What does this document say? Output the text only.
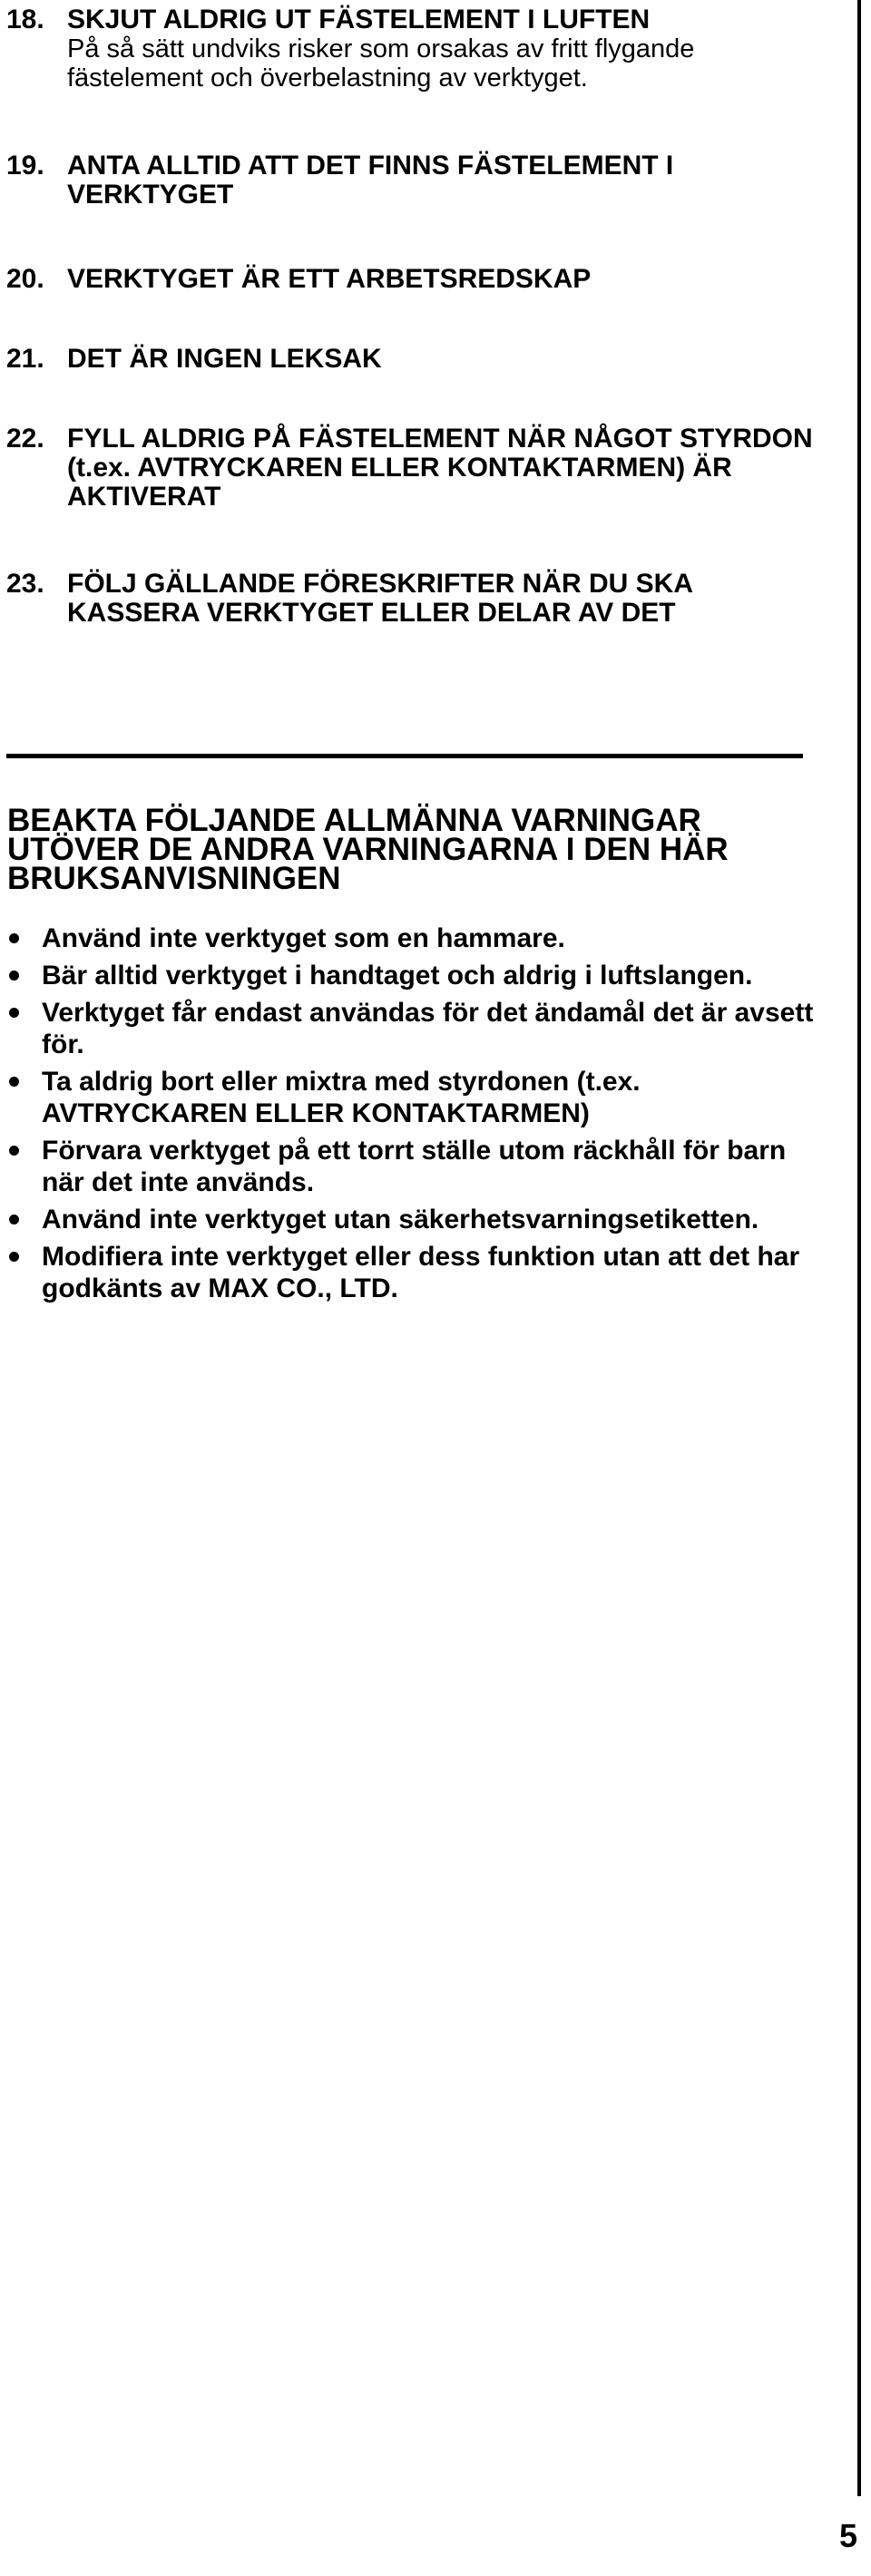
18. SKJUT ALDRIG UT FÄSTELEMENT I LUFTEN
På så sätt undviks risker som orsakas av fritt flygande fästelement och överbelastning av verktyget.
19. ANTA ALLTID ATT DET FINNS FÄSTELEMENT I VERKTYGET
20. VERKTYGET ÄR ETT ARBETSREDSKAP
21. DET ÄR INGEN LEKSAK
22. FYLL ALDRIG PÅ FÄSTELEMENT NÄR NÅGOT STYRDON (t.ex. AVTRYCKAREN ELLER KONTAKTARMEN) ÄR AKTIVERAT
23. FÖLJ GÄLLANDE FÖRESKRIFTER NÄR DU SKA KASSERA VERKTYGET ELLER DELAR AV DET
BEAKTA FÖLJANDE ALLMÄNNA VARNINGAR UTÖVER DE ANDRA VARNINGARNA I DEN HÄR BRUKSANVISNINGEN
Använd inte verktyget som en hammare.
Bär alltid verktyget i handtaget och aldrig i luftslangen.
Verktyget får endast användas för det ändamål det är avsett för.
Ta aldrig bort eller mixtra med styrdonen (t.ex. AVTRYCKAREN ELLER KONTAKTARMEN)
Förvara verktyget på ett torrt ställe utom räckhåll för barn när det inte används.
Använd inte verktyget utan säkerhetsvarningsetiketten.
Modifiera inte verktyget eller dess funktion utan att det har godkänts av MAX CO., LTD.
5
